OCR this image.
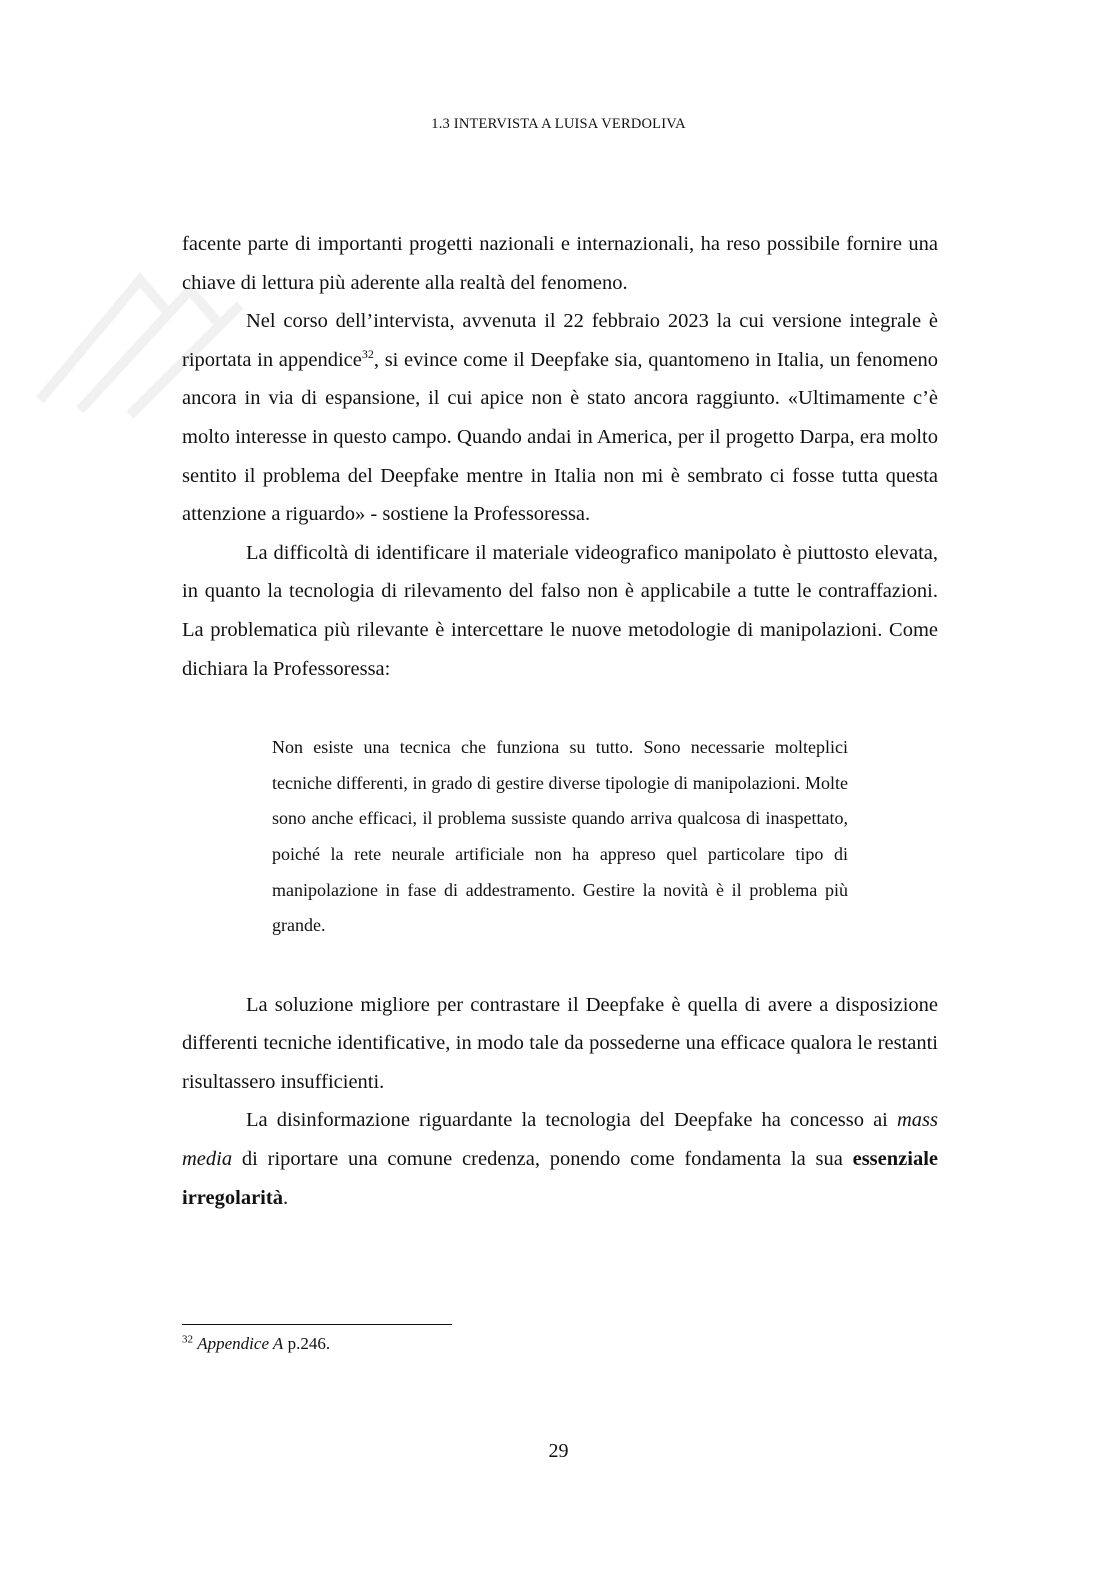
1.3 INTERVISTA A LUISA VERDOLIVA

facente parte di importanti progetti nazionali e internazionali, ha reso possibile fornire una chiave di lettura più aderente alla realtà del fenomeno.

Nel corso dell’intervista, avvenuta il 22 febbraio 2023 la cui versione integrale è riportata in appendice$^{32}$, si evince come il Deepfake sia, quantomeno in Italia, un fenomeno ancora in via di espansione, il cui apice non è stato ancora raggiunto. «Ultimamente c’è molto interesse in questo campo. Quando andai in America, per il progetto Darpa, era molto sentito il problema del Deepfake mentre in Italia non mi è sembrato ci fosse tutta questa attenzione a riguardo» - sostiene la Professoressa.

La difficoltà di identificare il materiale videografico manipolato è piuttosto elevata, in quanto la tecnologia di rilevamento del falso non è applicabile a tutte le contraffazioni. La problematica più rilevante è intercettare le nuove metodologie di manipolazioni. Come dichiara la Professoressa:

Non esiste una tecnica che funziona su tutto. Sono necessarie molteplici tecniche differenti, in grado di gestire diverse tipologie di manipolazioni. Molte sono anche efficaci, il problema sussiste quando arriva qualcosa di inaspettato, poiché la rete neurale artificiale non ha appreso quel particolare tipo di manipolazione in fase di addestramento. Gestire la novità è il problema più grande.

La soluzione migliore per contrastare il Deepfake è quella di avere a disposizione differenti tecniche identificative, in modo tale da possederne una efficace qualora le restanti risultassero insufficienti.

La disinformazione riguardante la tecnologia del Deepfake ha concesso ai mass media di riportare una comune credenza, ponendo come fondamenta la sua essenziale irregolarità.

$^{32}$ Appendice A p.246.
29
